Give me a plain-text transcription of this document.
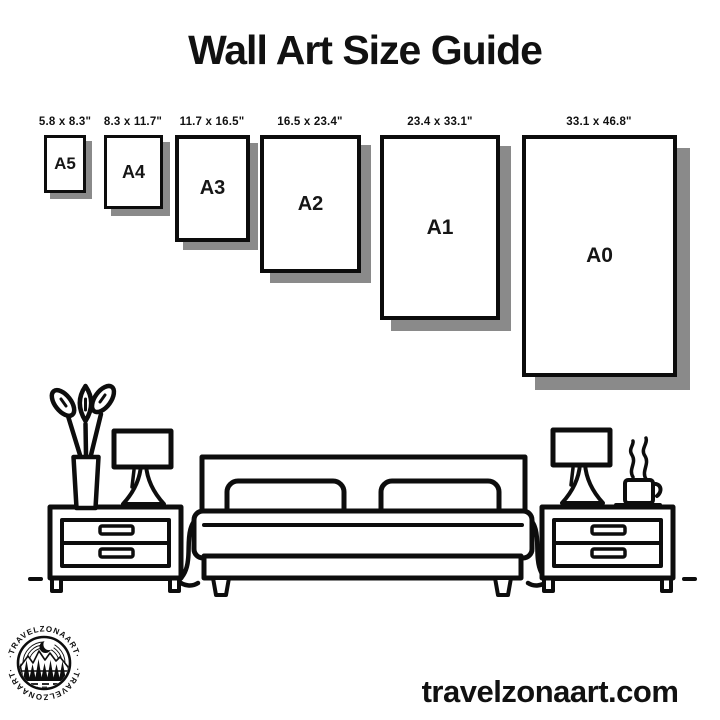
Wall Art Size Guide
5.8 x 8.3" 8.3 x 11.7" 11.7 x 16.5"	16.5 x 23.4"	23.4 x 33.1"	33.1 x 46.8"
A5	A4
A3
A2
A1
A0
·TRAVELZONAART·
·TRAVELZONAART·
travelzonaart.com
